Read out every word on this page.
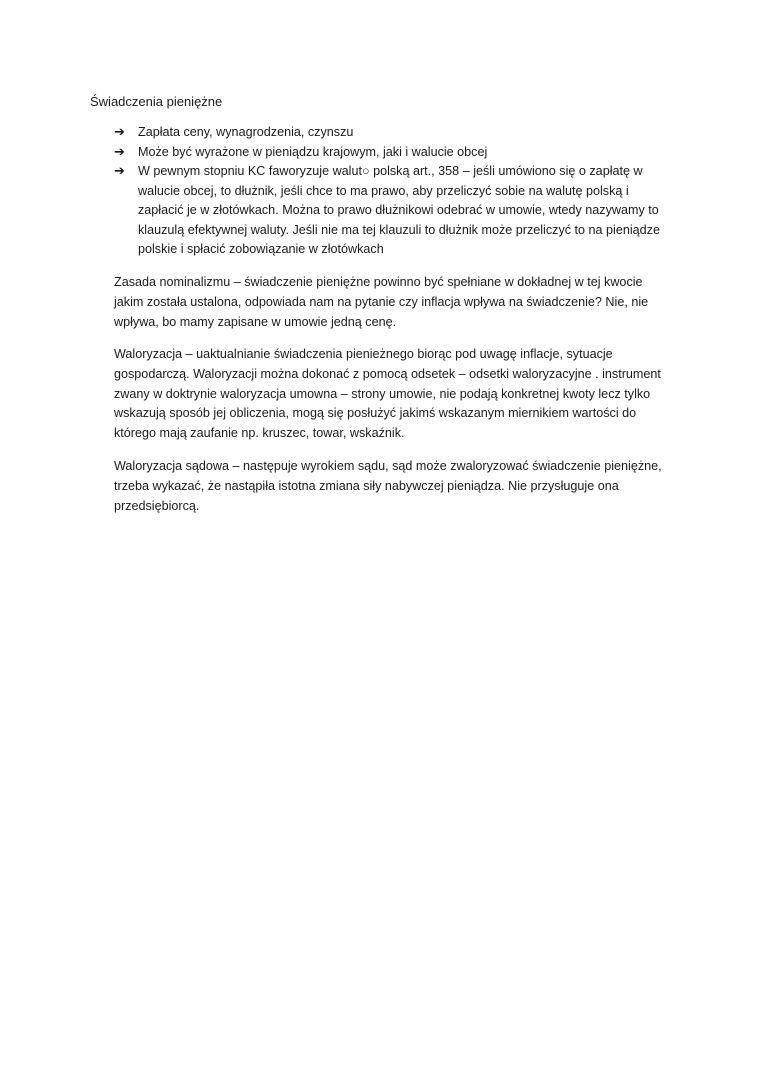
Świadczenia pieniężne
➔ Zapłata ceny, wynagrodzenia, czynszu
➔ Może być wyrażone w pieniądzu krajowym, jaki i walucie obcej
➔ W pewnym stopniu KC faworyzuje walut○ polską art., 358 – jeśli umówiono się o zapłatę w walucie obcej, to dłużnik, jeśli chce to ma prawo, aby przeliczyć sobie na walutę polską i zapłacić je w złotówkach. Można to prawo dłużnikowi odebrać w umowie, wtedy nazywamy to klauzulą efektywnej waluty. Jeśli nie ma tej klauzuli to dłużnik może przeliczyć to na pieniądze polskie i spłacić zobowiązanie w złotówkach

Zasada nominalizmu – świadczenie pieniężne powinno być spełniane w dokładnej w tej kwocie jakim została ustalona, odpowiada nam na pytanie czy inflacja wpływa na świadczenie? Nie, nie wpływa, bo mamy zapisane w umowie jedną cenę.

Waloryzacja – uaktualnianie świadczenia pienieżnego biorąc pod uwagę inflacje, sytuacje gospodarczą. Waloryzacji można dokonać z pomocą odsetek – odsetki waloryzacyjne . instrument zwany w doktrynie waloryzacja umowna – strony umowie, nie podają konkretnej kwoty lecz tylko wskazują sposób jej obliczenia, mogą się posłużyć jakimś wskazanym miernikiem wartości do którego mają zaufanie np. kruszec, towar, wskaźnik.

Waloryzacja sądowa – następuje wyrokiem sądu, sąd może zwaloryzować świadczenie pieniężne, trzeba wykazać, że nastąpiła istotna zmiana siły nabywczej pieniądza. Nie przysługuje ona przedsiębiorcą.
